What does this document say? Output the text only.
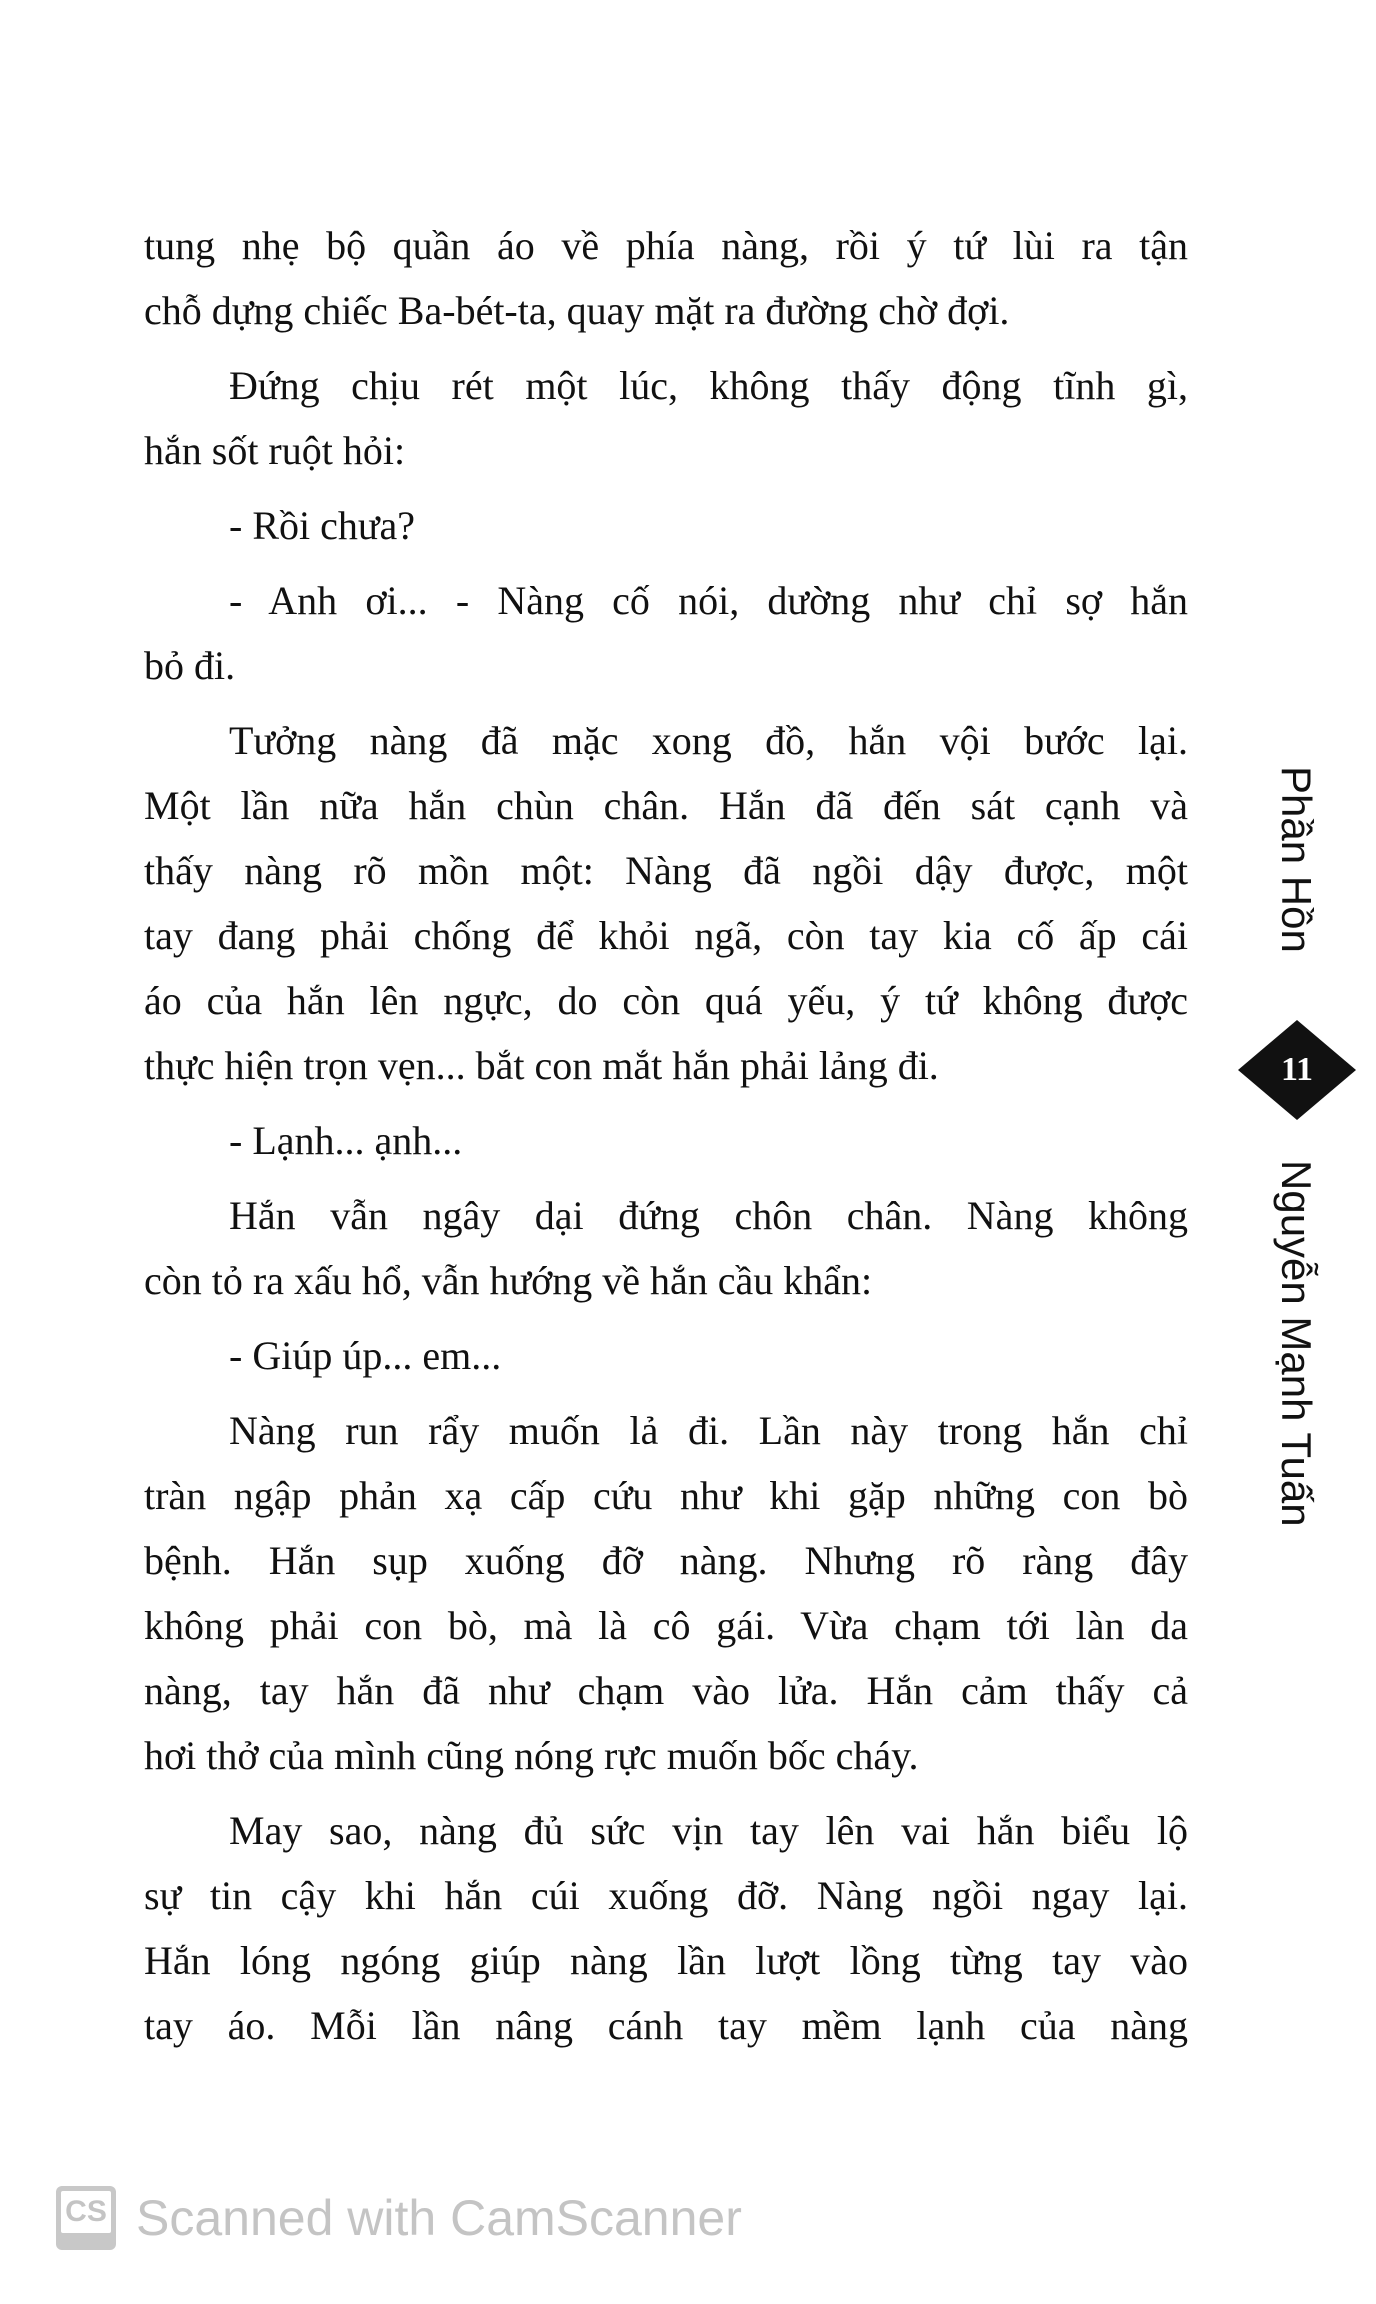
tung nhẹ bộ quần áo về phía nàng, rồi ý tứ lùi ra tận
chỗ dựng chiếc Ba-bét-ta, quay mặt ra đường chờ đợi.
Đứng chịu rét một lúc, không thấy động tĩnh gì,
hắn sốt ruột hỏi:
- Rồi chưa?
- Anh ơi... - Nàng cố nói, dường như chỉ sợ hắn
bỏ đi.
Tưởng nàng đã mặc xong đồ, hắn vội bước lại.
Một lần nữa hắn chùn chân. Hắn đã đến sát cạnh và
thấy nàng rõ mồn một: Nàng đã ngồi dậy được, một
tay đang phải chống để khỏi ngã, còn tay kia cố ấp cái
áo của hắn lên ngực, do còn quá yếu, ý tứ không được
thực hiện trọn vẹn... bắt con mắt hắn phải lảng đi.
- Lạnh... ạnh...
Hắn vẫn ngây dại đứng chôn chân. Nàng không
còn tỏ ra xấu hổ, vẫn hướng về hắn cầu khẩn:
- Giúp úp... em...
Nàng run rẩy muốn lả đi. Lần này trong hắn chỉ
tràn ngập phản xạ cấp cứu như khi gặp những con bò
bệnh. Hắn sụp xuống đỡ nàng. Nhưng rõ ràng đây
không phải con bò, mà là cô gái. Vừa chạm tới làn da
nàng, tay hắn đã như chạm vào lửa. Hắn cảm thấy cả
hơi thở của mình cũng nóng rực muốn bốc cháy.
May sao, nàng đủ sức vịn tay lên vai hắn biểu lộ
sự tin cậy khi hắn cúi xuống đỡ. Nàng ngồi ngay lại.
Hắn lóng ngóng giúp nàng lần lượt lồng từng tay vào
tay áo. Mỗi lần nâng cánh tay mềm lạnh của nàng
Phần Hồn
11
Nguyễn Mạnh Tuấn
CS Scanned with CamScanner
